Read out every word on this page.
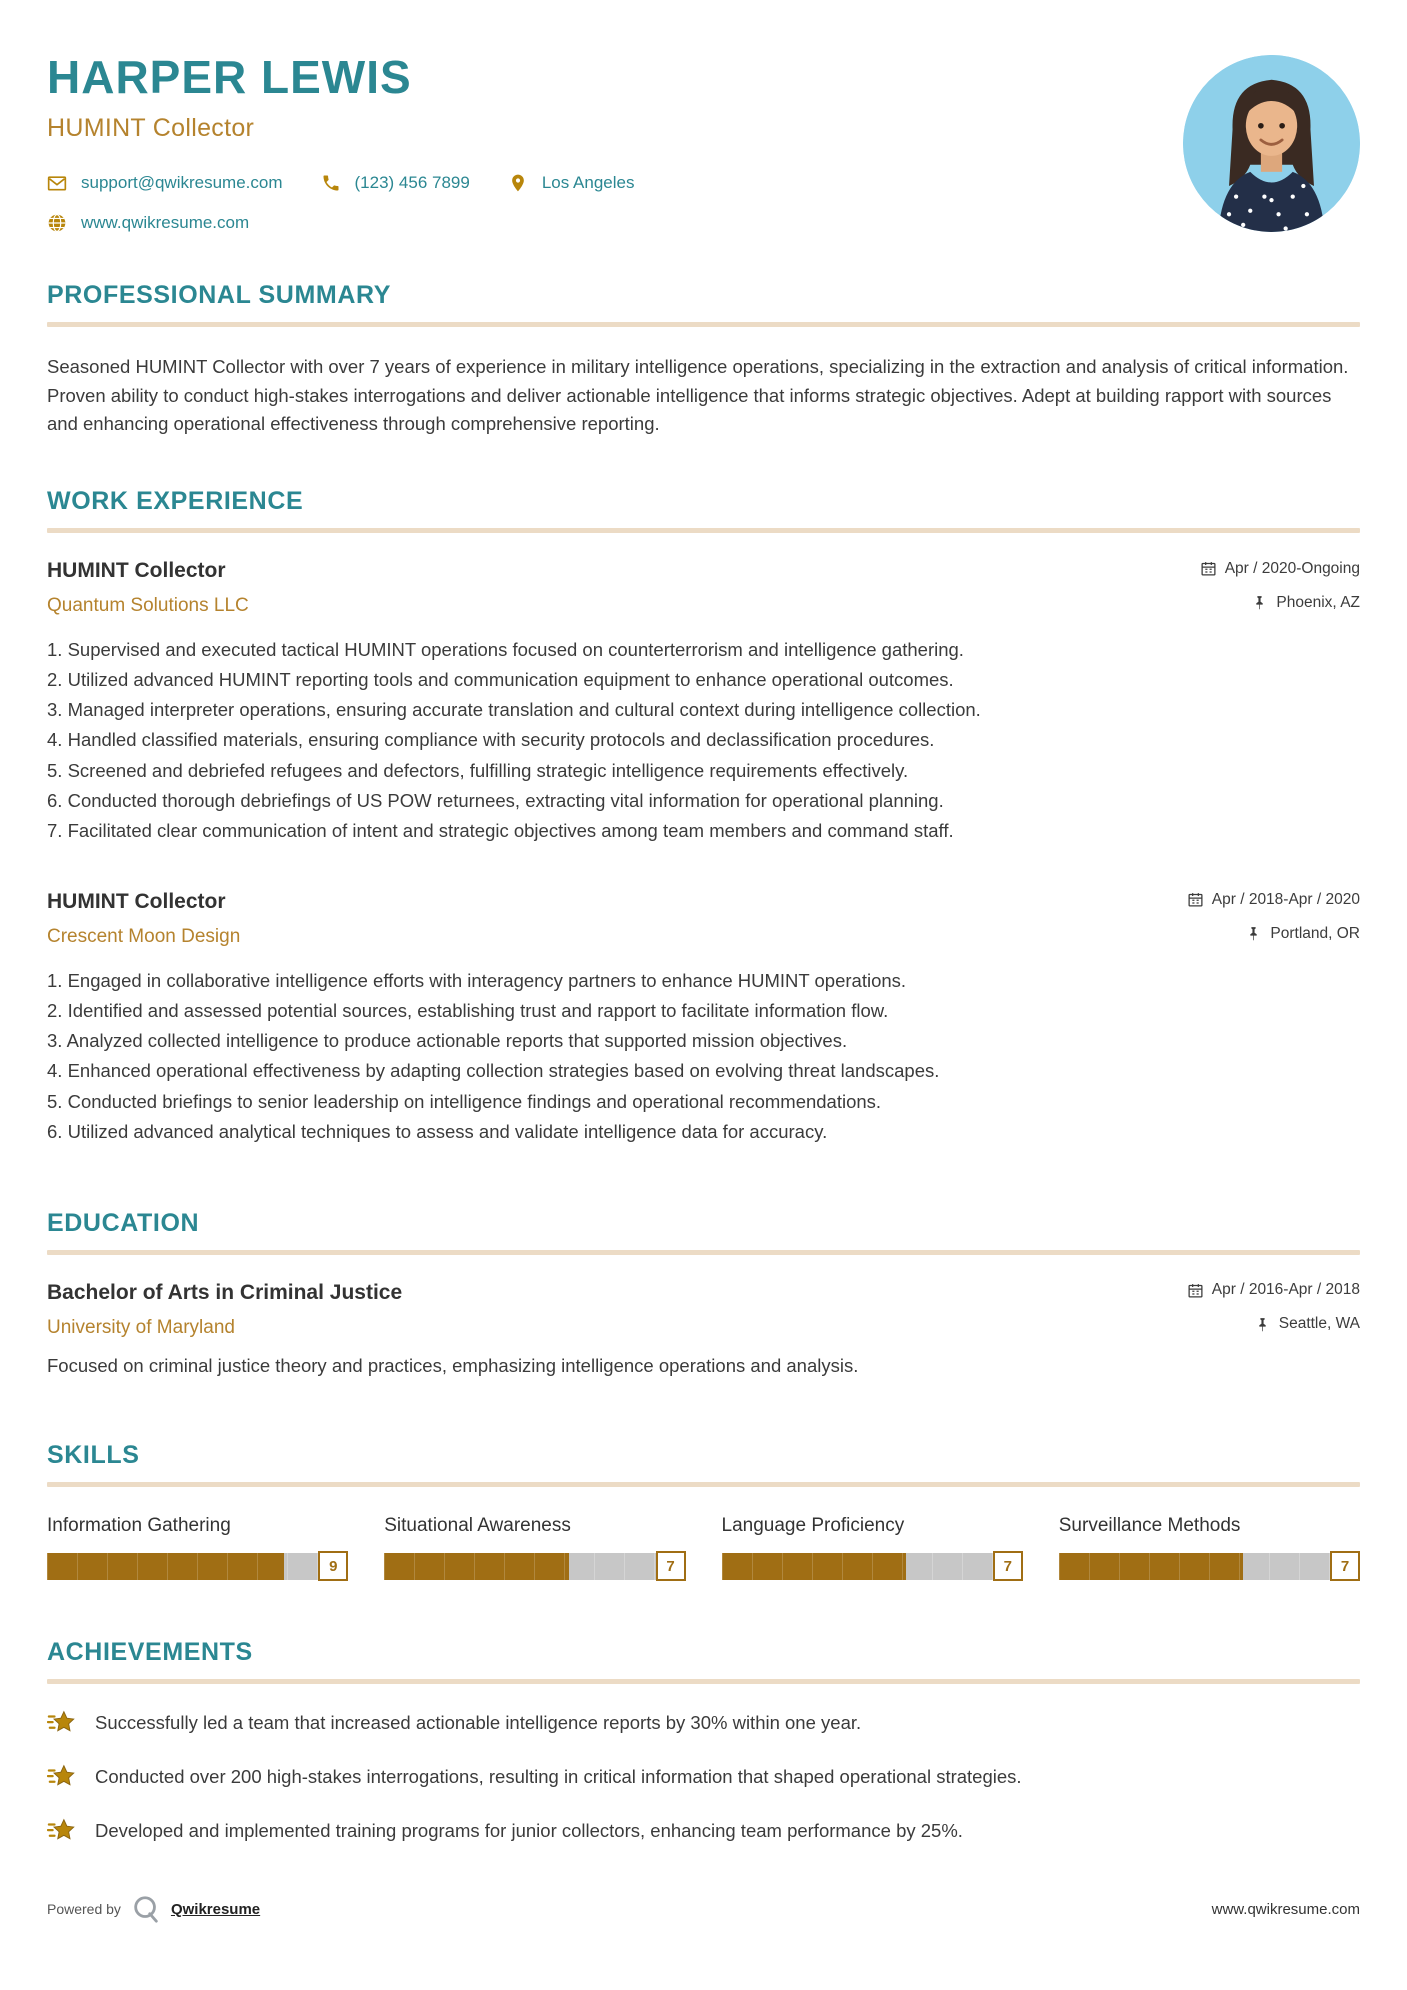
HARPER LEWIS
HUMINT Collector
support@qwikresume.com	(123) 456 7899	Los Angeles
www.qwikresume.com
PROFESSIONAL SUMMARY

Seasoned HUMINT Collector with over 7 years of experience in military intelligence operations, specializing in the extraction and analysis of critical information. Proven ability to conduct high-stakes interrogations and deliver actionable intelligence that informs strategic objectives. Adept at building rapport with sources and enhancing operational effectiveness through comprehensive reporting.

WORK EXPERIENCE
HUMINT Collector	Apr / 2020-Ongoing
Quantum Solutions LLC	Phoenix, AZ
Supervised and executed tactical HUMINT operations focused on counterterrorism and intelligence gathering.
Utilized advanced HUMINT reporting tools and communication equipment to enhance operational outcomes.
Managed interpreter operations, ensuring accurate translation and cultural context during intelligence collection.
Handled classified materials, ensuring compliance with security protocols and declassification procedures.
Screened and debriefed refugees and defectors, fulfilling strategic intelligence requirements effectively.
Conducted thorough debriefings of US POW returnees, extracting vital information for operational planning.
Facilitated clear communication of intent and strategic objectives among team members and command staff.
HUMINT Collector	Apr / 2018-Apr / 2020
Crescent Moon Design	Portland, OR
Engaged in collaborative intelligence efforts with interagency partners to enhance HUMINT operations.
Identified and assessed potential sources, establishing trust and rapport to facilitate information flow.
Analyzed collected intelligence to produce actionable reports that supported mission objectives.
Enhanced operational effectiveness by adapting collection strategies based on evolving threat landscapes.
Conducted briefings to senior leadership on intelligence findings and operational recommendations.
Utilized advanced analytical techniques to assess and validate intelligence data for accuracy.
EDUCATION
Bachelor of Arts in Criminal Justice	Apr / 2016-Apr / 2018
University of Maryland	Seattle, WA

Focused on criminal justice theory and practices, emphasizing intelligence operations and analysis.

SKILLS
Information Gathering
9
Situational Awareness
7
Language Proficiency
7
Surveillance Methods
7
ACHIEVEMENTS
Successfully led a team that increased actionable intelligence reports by 30% within one year.
Conducted over 200 high-stakes interrogations, resulting in critical information that shaped operational strategies.
Developed and implemented training programs for junior collectors, enhancing team performance by 25%.
Powered by	Qwikresume	www.qwikresume.com
